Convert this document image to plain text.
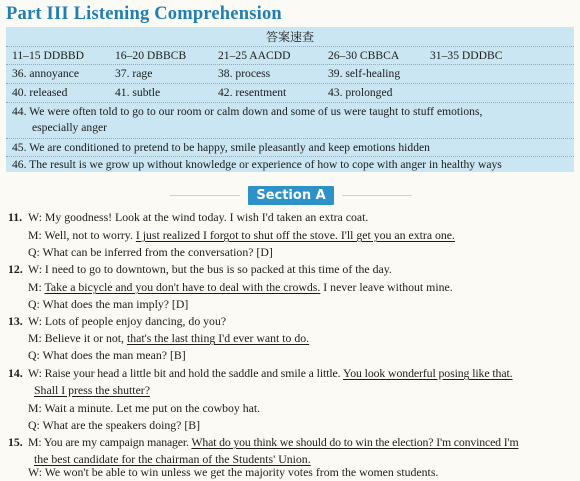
Part III Listening Comprehension
答案速查
11–15 DDBBD	16–20 DBBCB	21–25 AACDD	26–30 CBBCA	31–35 DDDBC
36. annoyance	37. rage	38. process	39. self-healing
40. released	41. subtle	42. resentment	43. prolonged
44. We were often told to go to our room or calm down and some of us were taught to stuff emotions,
especially anger
45. We are conditioned to pretend to be happy, smile pleasantly and keep emotions hidden
46. The result is we grow up without knowledge or experience of how to cope with anger in healthy ways
Section A
11. W: My goodness! Look at the wind today. I wish I'd taken an extra coat.
M: Well, not to worry. I just realized I forgot to shut off the stove. I'll get you an extra one.
Q: What can be inferred from the conversation? [D]
12. W: I need to go to downtown, but the bus is so packed at this time of the day.
M: Take a bicycle and you don't have to deal with the crowds. I never leave without mine.
Q: What does the man imply? [D]
13. W: Lots of people enjoy dancing, do you?
M: Believe it or not, that's the last thing I'd ever want to do.
Q: What does the man mean? [B]
14. W: Raise your head a little bit and hold the saddle and smile a little. You look wonderful posing like that.
Shall I press the shutter?
M: Wait a minute. Let me put on the cowboy hat.
Q: What are the speakers doing? [B]
15. M: You are my campaign manager. What do you think we should do to win the election? I'm convinced I'm
the best candidate for the chairman of the Students' Union.
W: We won't be able to win unless we get the majority votes from the women students.
